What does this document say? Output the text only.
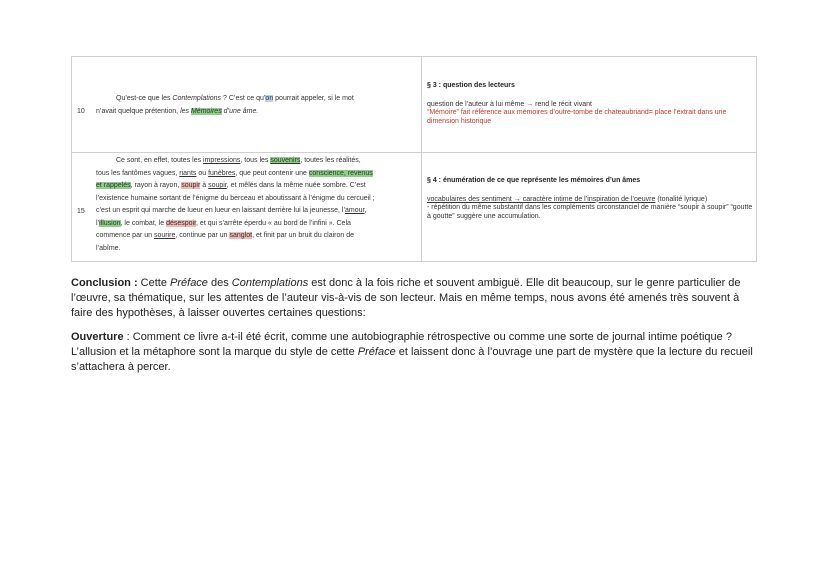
10
Qu’est-ce que les Contemplations ? C’est ce qu’on pourrait appeler, si le mot
n’avait quelque prétention, les Mémoires d’une âme.
§ 3 : question des lecteurs
question de l’auteur à lui même → rend le récit vivant
“Mémoire” fait référence aux mémoires d’outre-tombe de chateaubriand= place l’extrait dans une dimension historique
15
Ce sont, en effet, toutes les impressions, tous les souvenirs, toutes les réalités,
tous les fantômes vagues, riants ou funèbres, que peut contenir une conscience, revenus
et rappelés, rayon à rayon, soupir à soupir, et mêlés dans la même nuée sombre. C’est
l’existence humaine sortant de l’énigme du berceau et aboutissant à l’énigme du cercueil ;
c’est un esprit qui marche de lueur en lueur en laissant derrière lui la jeunesse, l’amour,
l’illusion, le combat, le désespoir, et qui s’arrête éperdu « au bord de l’infini ». Cela
commence par un sourire, continue par un sanglot, et finit par un bruit du clairon de
l’abîme.
§ 4 : énumération de ce que représente les mémoires d’un âmes
vocabulaires des sentiment → caractère intime de l’inspiration de l’oeuvre (tonalité lyrique)
- répétition du même substantif dans les compléments circonstanciel de manière “soupir à soupir” “goutte à goutte” suggère une accumulation.
Conclusion : Cette Préface des Contemplations est donc à la fois riche et souvent ambiguë. Elle dit beaucoup, sur le genre particulier de l’œuvre, sa thématique, sur les attentes de l’auteur vis-à-vis de son lecteur. Mais en même temps, nous avons été amenés très souvent à faire des hypothèses, à laisser ouvertes certaines questions:
Ouverture : Comment ce livre a-t-il été écrit, comme une autobiographie rétrospective ou comme une sorte de journal intime poétique ? L’allusion et la métaphore sont la marque du style de cette Préface et laissent donc à l’ouvrage une part de mystère que la lecture du recueil s’attachera à percer.
